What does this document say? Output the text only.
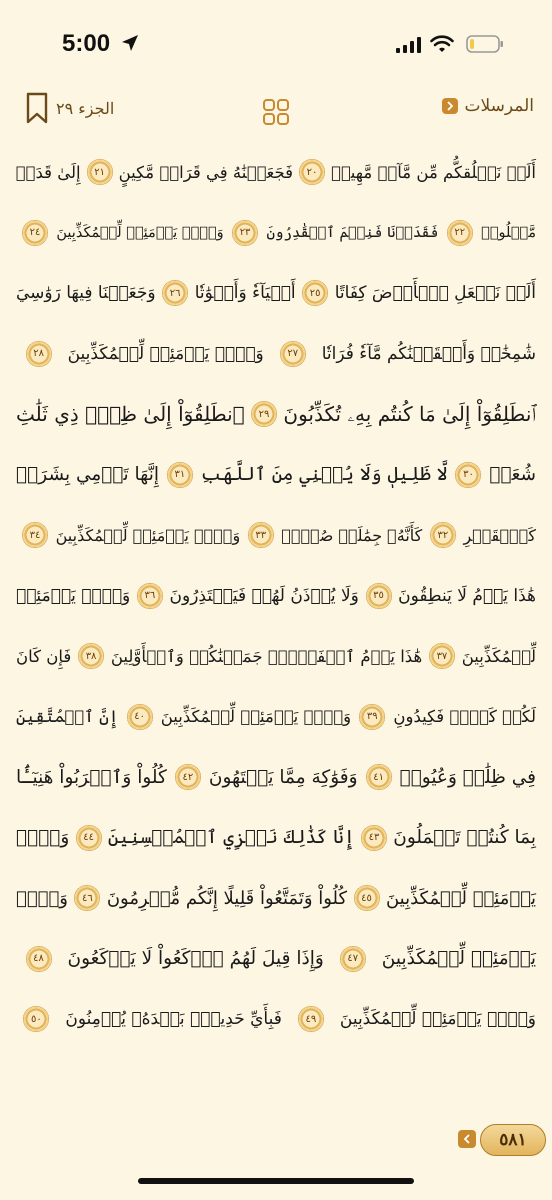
5:00
المرسلات
الجزء ٢٩
أَلَمۡ نَخۡلُقكُّم مِّن مَّآءٖ مَّهِينٖ
٢٠
فَجَعَلۡنَٰهُ فِي قَرَارٖ مَّكِينٍ
٢١
إِلَىٰ قَدَرٖ
مَّعۡلُومٖ
٢٢
فَقَدَرۡنَا فَنِعۡمَ ٱلۡقَٰدِرُونَ
٢٣
وَيۡلٞ يَوۡمَئِذٖ لِّلۡمُكَذِّبِينَ
٢٤
أَلَمۡ نَجۡعَلِ ٱلۡأَرۡضَ كِفَاتًا
٢٥
أَحۡيَآءٗ وَأَمۡوَٰتٗا
٢٦
وَجَعَلۡنَا فِيهَا رَوَٰسِيَ
شَٰمِخَٰتٖ وَأَسۡقَيۡنَٰكُم مَّآءٗ فُرَاتٗا
٢٧
وَيۡلٞ يَوۡمَئِذٖ لِّلۡمُكَذِّبِينَ
٢٨
ٱنطَلِقُوٓاْ إِلَىٰ مَا كُنتُم بِهِۦ تُكَذِّبُونَ
٢٩
ٱنطَلِقُوٓاْ إِلَىٰ ظِلّٖ ذِي ثَلَٰثِ
شُعَبٖ
٣٠
لَّا ظَلِيلٖ وَلَا يُغۡنِي مِنَ ٱللَّهَبِ
٣١
إِنَّهَا تَرۡمِي بِشَرَرٖ
كَٱلۡقَصۡرِ
٣٢
كَأَنَّهُۥ جِمَٰلَتٞ صُفۡرٞ
٣٣
وَيۡلٞ يَوۡمَئِذٖ لِّلۡمُكَذِّبِينَ
٣٤
هَٰذَا يَوۡمُ لَا يَنطِقُونَ
٣٥
وَلَا يُؤۡذَنُ لَهُمۡ فَيَعۡتَذِرُونَ
٣٦
وَيۡلٞ يَوۡمَئِذٖ
لِّلۡمُكَذِّبِينَ
٣٧
هَٰذَا يَوۡمُ ٱلۡفَصۡلِۖ جَمَعۡنَٰكُمۡ وَٱلۡأَوَّلِينَ
٣٨
فَإِن كَانَ
لَكُمۡ كَيۡدٞ فَكِيدُونِ
٣٩
وَيۡلٞ يَوۡمَئِذٖ لِّلۡمُكَذِّبِينَ
٤٠
إِنَّ ٱلۡمُتَّقِينَ
فِي ظِلَٰلٖ وَعُيُونٖ
٤١
وَفَوَٰكِهَ مِمَّا يَشۡتَهُونَ
٤٢
كُلُواْ وَٱشۡرَبُواْ هَنِيٓـَٔۢا
بِمَا كُنتُمۡ تَعۡمَلُونَ
٤٣
إِنَّا كَذَٰلِكَ نَجۡزِي ٱلۡمُحۡسِنِينَ
٤٤
وَيۡلٞ
يَوۡمَئِذٖ لِّلۡمُكَذِّبِينَ
٤٥
كُلُواْ وَتَمَتَّعُواْ قَلِيلًا إِنَّكُم مُّجۡرِمُونَ
٤٦
وَيۡلٞ
يَوۡمَئِذٖ لِّلۡمُكَذِّبِينَ
٤٧
وَإِذَا قِيلَ لَهُمُ ٱرۡكَعُواْ لَا يَرۡكَعُونَ
٤٨
وَيۡلٞ يَوۡمَئِذٖ لِّلۡمُكَذِّبِينَ
٤٩
فَبِأَيِّ حَدِيثِۭ بَعۡدَهُۥ يُؤۡمِنُونَ
٥٠
٥٨١
